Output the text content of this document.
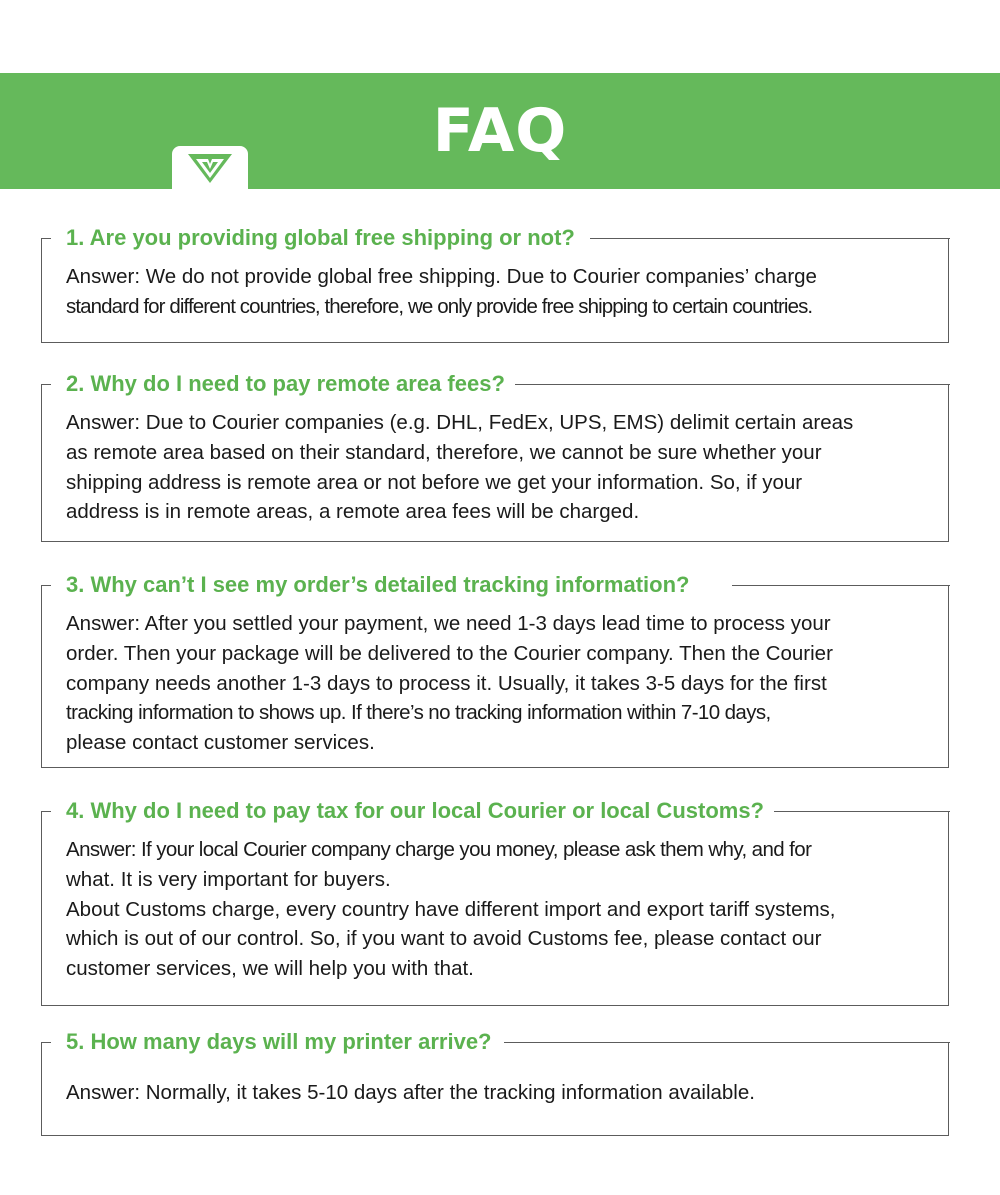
FAQ
1. Are you providing global free shipping or not?
Answer: We do not provide global free shipping. Due to Courier companies’ charge
standard for different countries, therefore, we only provide free shipping to certain countries.
2. Why do I need to pay remote area fees?
Answer: Due to Courier companies (e.g. DHL, FedEx, UPS, EMS) delimit certain areas
as remote area based on their standard, therefore, we cannot be sure whether your
shipping address is remote area or not before we get your information. So, if your
address is in remote areas, a remote area fees will be charged.
3. Why can’t I see my order’s detailed tracking information?
Answer: After you settled your payment, we need 1-3 days lead time to process your
order. Then your package will be delivered to the Courier company. Then the Courier
company needs another 1-3 days to process it. Usually, it takes 3-5 days for the first
tracking information to shows up. If there’s no tracking information within 7-10 days,
please contact customer services.
4. Why do I need to pay tax for our local Courier or local Customs?
Answer: If your local Courier company charge you money, please ask them why, and for
what. It is very important for buyers.
About Customs charge, every country have different import and export tariff systems,
which is out of our control. So, if you want to avoid Customs fee, please contact our
customer services, we will help you with that.
5. How many days will my printer arrive?
Answer: Normally, it takes 5-10 days after the tracking information available.
